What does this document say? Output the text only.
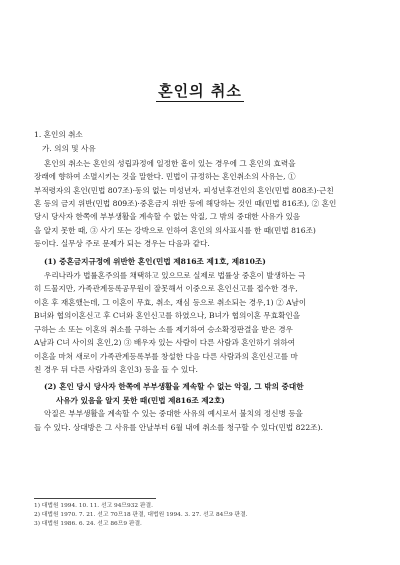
혼인의 취소
1. 혼인의 취소
가. 의의 및 사유
혼인의 취소는 혼인의 성립과정에 일정한 흠이 있는 경우에 그 혼인의 효력을
장래에 향하여 소멸시키는 것을 말한다. 민법이 규정하는 혼인취소의 사유는, ①
부적령자의 혼인(민법 807조)·동의 없는 미성년자, 피성년후견인의 혼인(민법 808조)·근친
혼 등의 금지 위반(민법 809조)·중혼금지 위반 등에 해당하는 것인 때(민법 816조), ② 혼인
당시 당사자 한쪽에 부부생활을 계속할 수 없는 악질, 그 밖의 중대한 사유가 있음
을 알지 못한 때, ③ 사기 또는 강박으로 인하여 혼인의 의사표시를 한 때(민법 816조)
등이다. 실무상 주로 문제가 되는 경우는 다음과 같다.
(1) 중혼금지규정에 위반한 혼인(민법 제816조 제1호, 제810조)
우리나라가 법률혼주의를 채택하고 있으므로 실제로 법률상 중혼이 발생하는 극
히 드물지만, 가족관계등록공무원이 잘못해서 이중으로 혼인신고를 접수한 경우,
이혼 후 재혼했는데, 그 이혼이 무효, 취소, 재심 등으로 취소되는 경우,1) ② A남이
B녀와 협의이혼신고 후 C녀와 혼인신고를 하였으나, B녀가 협의이혼 무효확인을
구하는 소 또는 이혼의 취소를 구하는 소를 제기하여 승소확정판결을 받은 경우
A남과 C녀 사이의 혼인,2) ③ 배우자 있는 사람이 다른 사람과 혼인하기 위하여
이혼을 마쳐 새로이 가족관계등록부를 창설한 다음 다른 사람과의 혼인신고를 마
친 경우 뒤 다른 사람과의 혼인3) 등을 들 수 있다.
(2) 혼인 당시 당사자 한쪽에 부부생활을 계속할 수 없는 악질, 그 밖의 중대한
사유가 있음을 알지 못한 때(민법 제816조 제2호)
악질은 부부생활을 계속할 수 있는 중대한 사유의 예시로서 불치의 정신병 등을
들 수 있다. 상대방은 그 사유를 안날부터 6월 내에 취소를 청구할 수 있다(민법 822조).
1) 대법원 1994. 10. 11. 선고 94므932 판결.
2) 대법원 1970. 7. 21. 선고 70므18 판결, 대법원 1994. 3. 27. 선고 84므9 판결.
3) 대법원 1986. 6. 24. 선고 86므9 판결.
